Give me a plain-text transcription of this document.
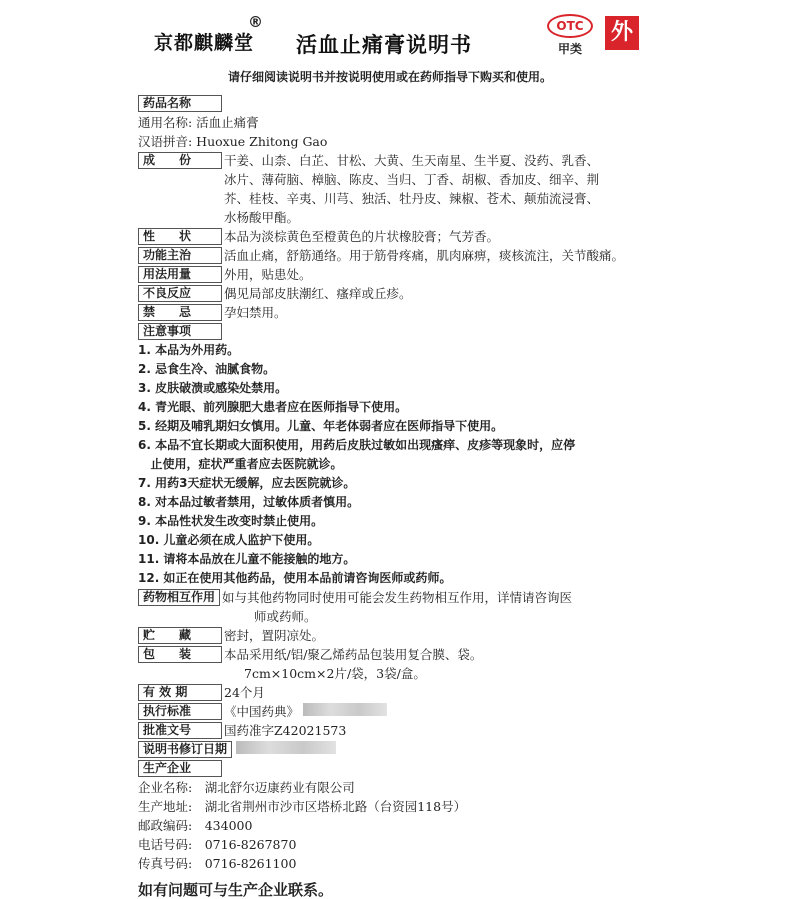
京都麒麟堂
®
活血止痛膏说明书
OTC
甲类
外
请仔细阅读说明书并按说明使用或在药师指导下购买和使用。
药品名称
通用名称: 活血止痛膏
汉语拼音: Huoxue Zhitong Gao
成　　份	干姜、山柰、白芷、甘松、大黄、生天南星、生半夏、没药、乳香、
冰片、薄荷脑、樟脑、陈皮、当归、丁香、胡椒、香加皮、细辛、荆
芥、桂枝、辛夷、川芎、独活、牡丹皮、辣椒、苍术、颠茄流浸膏、
水杨酸甲酯。
性　　状	本品为淡棕黄色至橙黄色的片状橡胶膏；气芳香。
功能主治	活血止痛，舒筋通络。用于筋骨疼痛，肌肉麻痹，痰核流注，关节酸痛。
用法用量	外用，贴患处。
不良反应	偶见局部皮肤潮红、瘙痒或丘疹。
禁　　忌	孕妇禁用。
注意事项
1. 本品为外用药。
2. 忌食生冷、油腻食物。
3. 皮肤破溃或感染处禁用。
4. 青光眼、前列腺肥大患者应在医师指导下使用。
5. 经期及哺乳期妇女慎用。儿童、年老体弱者应在医师指导下使用。
6. 本品不宜长期或大面积使用，用药后皮肤过敏如出现瘙痒、皮疹等现象时，应停
止使用，症状严重者应去医院就诊。
7. 用药3天症状无缓解，应去医院就诊。
8. 对本品过敏者禁用，过敏体质者慎用。
9. 本品性状发生改变时禁止使用。
10. 儿童必须在成人监护下使用。
11. 请将本品放在儿童不能接触的地方。
12. 如正在使用其他药品，使用本品前请咨询医师或药师。
药物相互作用 如与其他药物同时使用可能会发生药物相互作用，详情请咨询医
师或药师。
贮　　藏	密封，置阴凉处。
包　　装	本品采用纸/铝/聚乙烯药品包装用复合膜、袋。
7cm×10cm×2片/袋，3袋/盒。
有 效 期	24个月
执行标准	《中国药典》
批准文号	国药准字Z42021573
说明书修订日期
生产企业
企业名称:　湖北舒尔迈康药业有限公司
生产地址:　湖北省荆州市沙市区塔桥北路（台资园118号）
邮政编码:　434000
电话号码:　0716-8267870
传真号码:　0716-8261100
如有问题可与生产企业联系。
